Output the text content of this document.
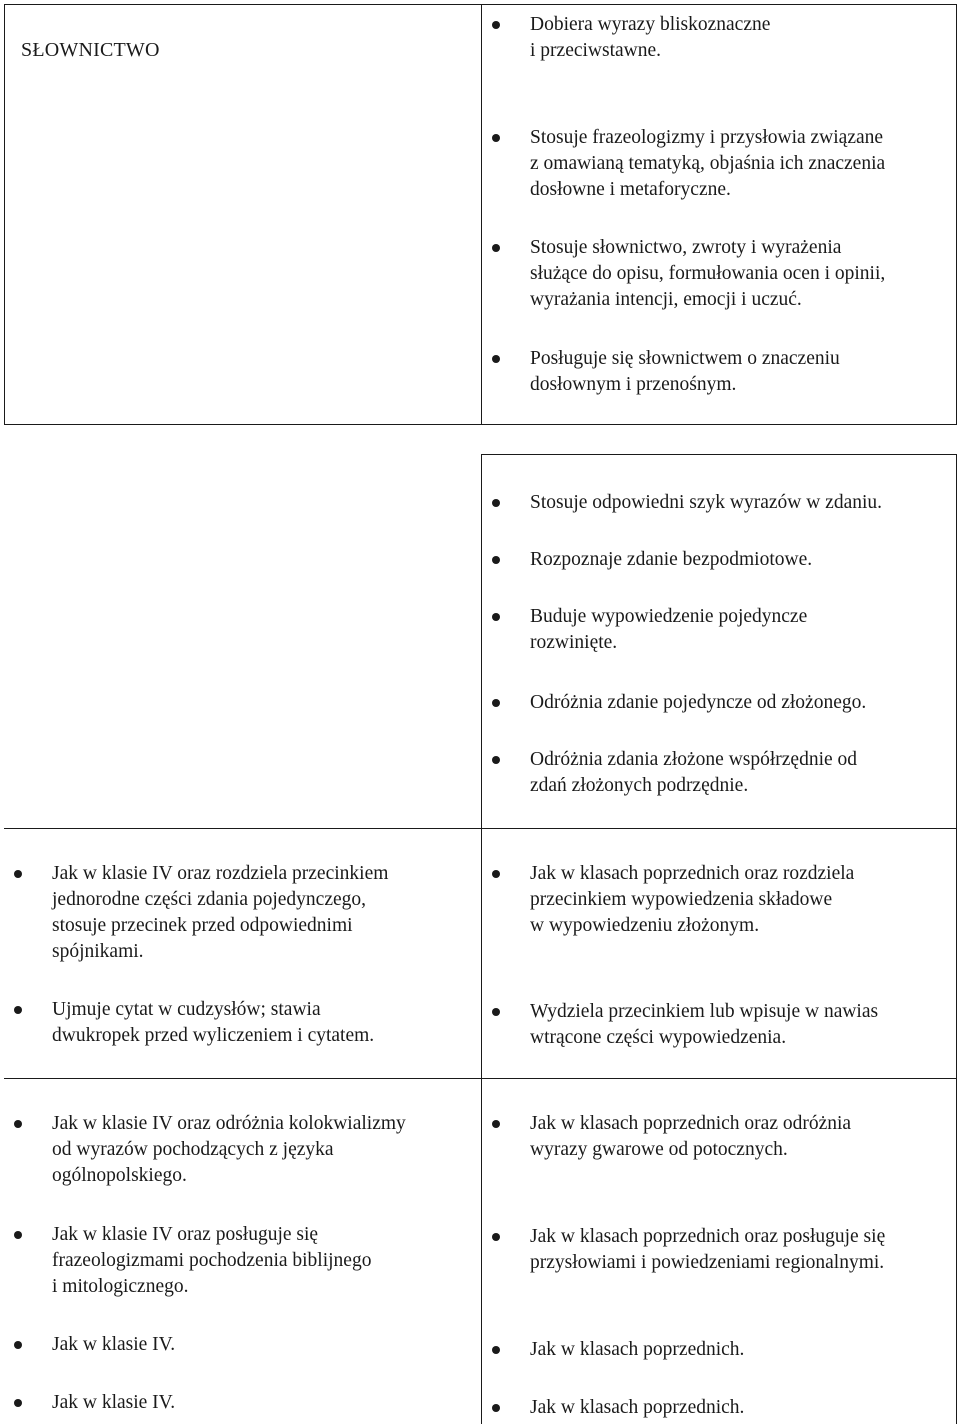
SŁOWNICTWO
Dobiera wyrazy bliskoznaczne
i przeciwstawne.
Stosuje frazeologizmy i przysłowia związane
z omawianą tematyką, objaśnia ich znaczenia
dosłowne i metaforyczne.
Stosuje słownictwo, zwroty i wyrażenia
służące do opisu, formułowania ocen i opinii,
wyrażania intencji, emocji i uczuć.
Posługuje się słownictwem o znaczeniu
dosłownym i przenośnym.
Stosuje odpowiedni szyk wyrazów w zdaniu.
Rozpoznaje zdanie bezpodmiotowe.
Buduje wypowiedzenie pojedyncze
rozwinięte.
Odróżnia zdanie pojedyncze od złożonego.
Odróżnia zdania złożone współrzędnie od
zdań złożonych podrzędnie.
Jak w klasie IV oraz rozdziela przecinkiem
jednorodne części zdania pojedynczego,
stosuje przecinek przed odpowiednimi
spójnikami.
Ujmuje cytat w cudzysłów; stawia
dwukropek przed wyliczeniem i cytatem.
Jak w klasach poprzednich oraz rozdziela
przecinkiem wypowiedzenia składowe
w wypowiedzeniu złożonym.
Wydziela przecinkiem lub wpisuje w nawias
wtrącone części wypowiedzenia.
Jak w klasie IV oraz odróżnia kolokwializmy
od wyrazów pochodzących z języka
ogólnopolskiego.
Jak w klasie IV oraz posługuje się
frazeologizmami pochodzenia biblijnego
i mitologicznego.
Jak w klasie IV.
Jak w klasie IV.
Jak w klasach poprzednich oraz odróżnia
wyrazy gwarowe od potocznych.
Jak w klasach poprzednich oraz posługuje się
przysłowiami i powiedzeniami regionalnymi.
Jak w klasach poprzednich.
Jak w klasach poprzednich.
